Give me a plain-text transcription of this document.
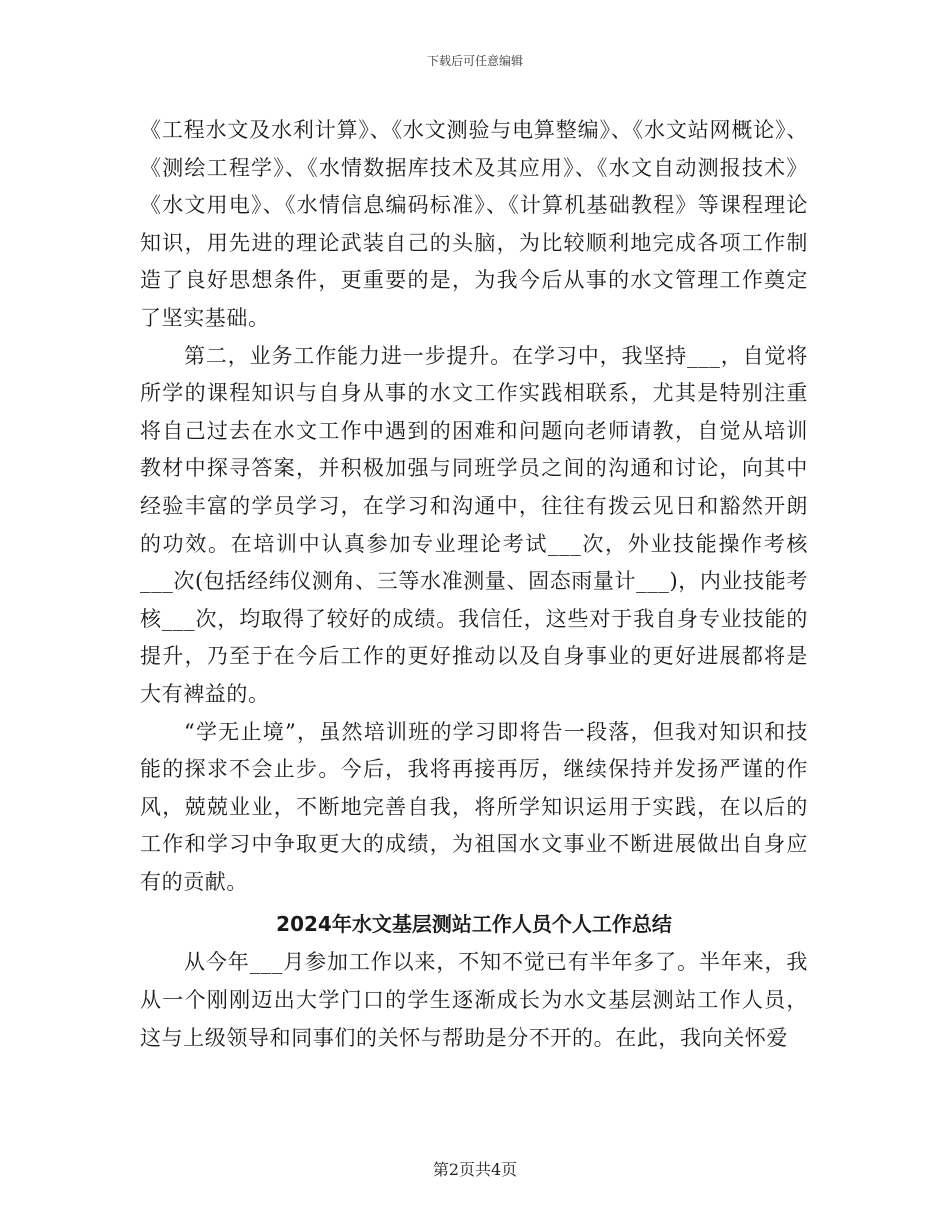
下载后可任意编辑

《工程水文及水利计算》、《水文测验与电算整编》、《水文站网概论》、《测绘工程学》、《水情数据库技术及其应用》、《水文自动测报技术》《水文用电》、《水情信息编码标准》、《计算机基础教程》等课程理论知识，用先进的理论武装自己的头脑，为比较顺利地完成各项工作制造了良好思想条件，更重要的是，为我今后从事的水文管理工作奠定了坚实基础。

第二，业务工作能力进一步提升。在学习中，我坚持___，自觉将所学的课程知识与自身从事的水文工作实践相联系，尤其是特别注重将自己过去在水文工作中遇到的困难和问题向老师请教，自觉从培训教材中探寻答案，并积极加强与同班学员之间的沟通和讨论，向其中经验丰富的学员学习，在学习和沟通中，往往有拨云见日和豁然开朗的功效。在培训中认真参加专业理论考试___次，外业技能操作考核___次(包括经纬仪测角、三等水准测量、固态雨量计___)，内业技能考核___次，均取得了较好的成绩。我信任，这些对于我自身专业技能的提升，乃至于在今后工作的更好推动以及自身事业的更好进展都将是大有裨益的。

“学无止境”，虽然培训班的学习即将告一段落，但我对知识和技能的探求不会止步。今后，我将再接再厉，继续保持并发扬严谨的作风，兢兢业业，不断地完善自我，将所学知识运用于实践，在以后的工作和学习中争取更大的成绩，为祖国水文事业不断进展做出自身应有的贡献。

2024年水文基层测站工作人员个人工作总结

从今年___月参加工作以来，不知不觉已有半年多了。半年来，我从一个刚刚迈出大学门口的学生逐渐成长为水文基层测站工作人员，这与上级领导和同事们的关怀与帮助是分不开的。在此，我向关怀爱

第2页共4页
